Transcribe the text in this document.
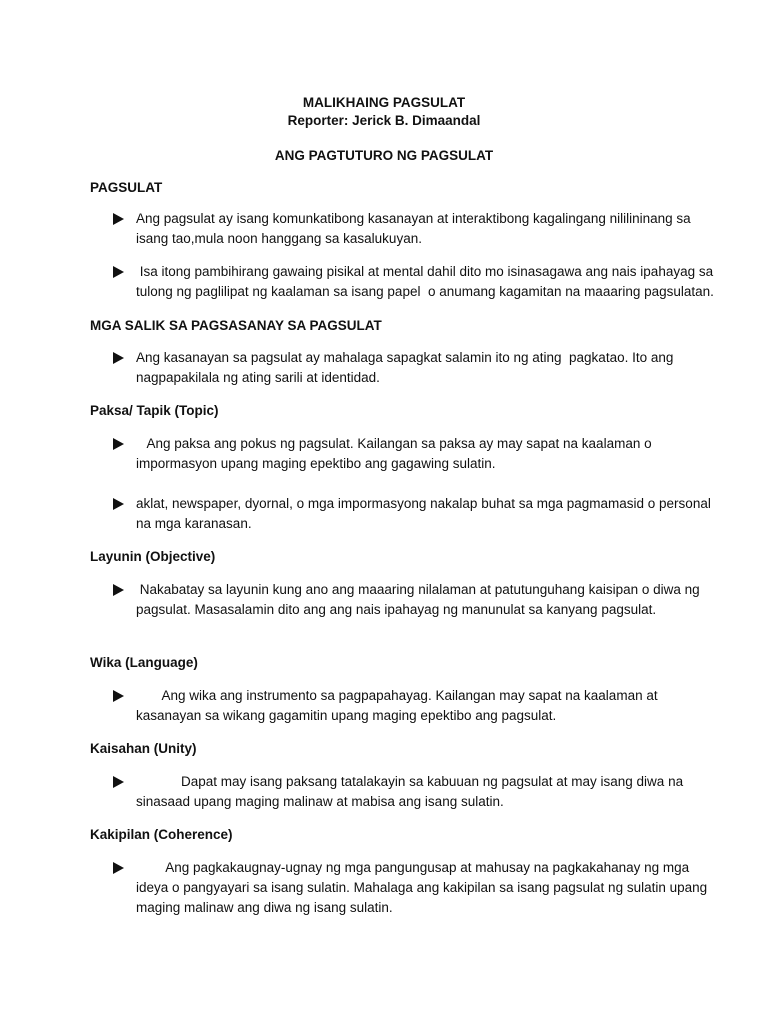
MALIKHAING PAGSULAT
Reporter: Jerick B. Dimaandal
ANG PAGTUTURO NG PAGSULAT
PAGSULAT
Ang pagsulat ay isang komunkatibong kasanayan at interaktibong kagalingang nililininang sa
isang tao,mula noon hanggang sa kasalukuyan.
Isa itong pambihirang gawaing pisikal at mental dahil dito mo isinasagawa ang nais ipahayag sa
tulong ng paglilipat ng kaalaman sa isang papel  o anumang kagamitan na maaaring pagsulatan.
MGA SALIK SA PAGSASANAY SA PAGSULAT
Ang kasanayan sa pagsulat ay mahalaga sapagkat salamin ito ng ating  pagkatao. Ito ang
nagpapakilala ng ating sarili at identidad.
Paksa/ Tapik (Topic)
Ang paksa ang pokus ng pagsulat. Kailangan sa paksa ay may sapat na kaalaman o
impormasyon upang maging epektibo ang gagawing sulatin.
aklat, newspaper, dyornal, o mga impormasyong nakalap buhat sa mga pagmamasid o personal
na mga karanasan.
Layunin (Objective)
Nakabatay sa layunin kung ano ang maaaring nilalaman at patutunguhang kaisipan o diwa ng
pagsulat. Masasalamin dito ang ang nais ipahayag ng manunulat sa kanyang pagsulat.
Wika (Language)
Ang wika ang instrumento sa pagpapahayag. Kailangan may sapat na kaalaman at
kasanayan sa wikang gagamitin upang maging epektibo ang pagsulat.
Kaisahan (Unity)
Dapat may isang paksang tatalakayin sa kabuuan ng pagsulat at may isang diwa na
sinasaad upang maging malinaw at mabisa ang isang sulatin.
Kakipilan (Coherence)
Ang pagkakaugnay-ugnay ng mga pangungusap at mahusay na pagkakahanay ng mga
ideya o pangyayari sa isang sulatin. Mahalaga ang kakipilan sa isang pagsulat ng sulatin upang
maging malinaw ang diwa ng isang sulatin.
